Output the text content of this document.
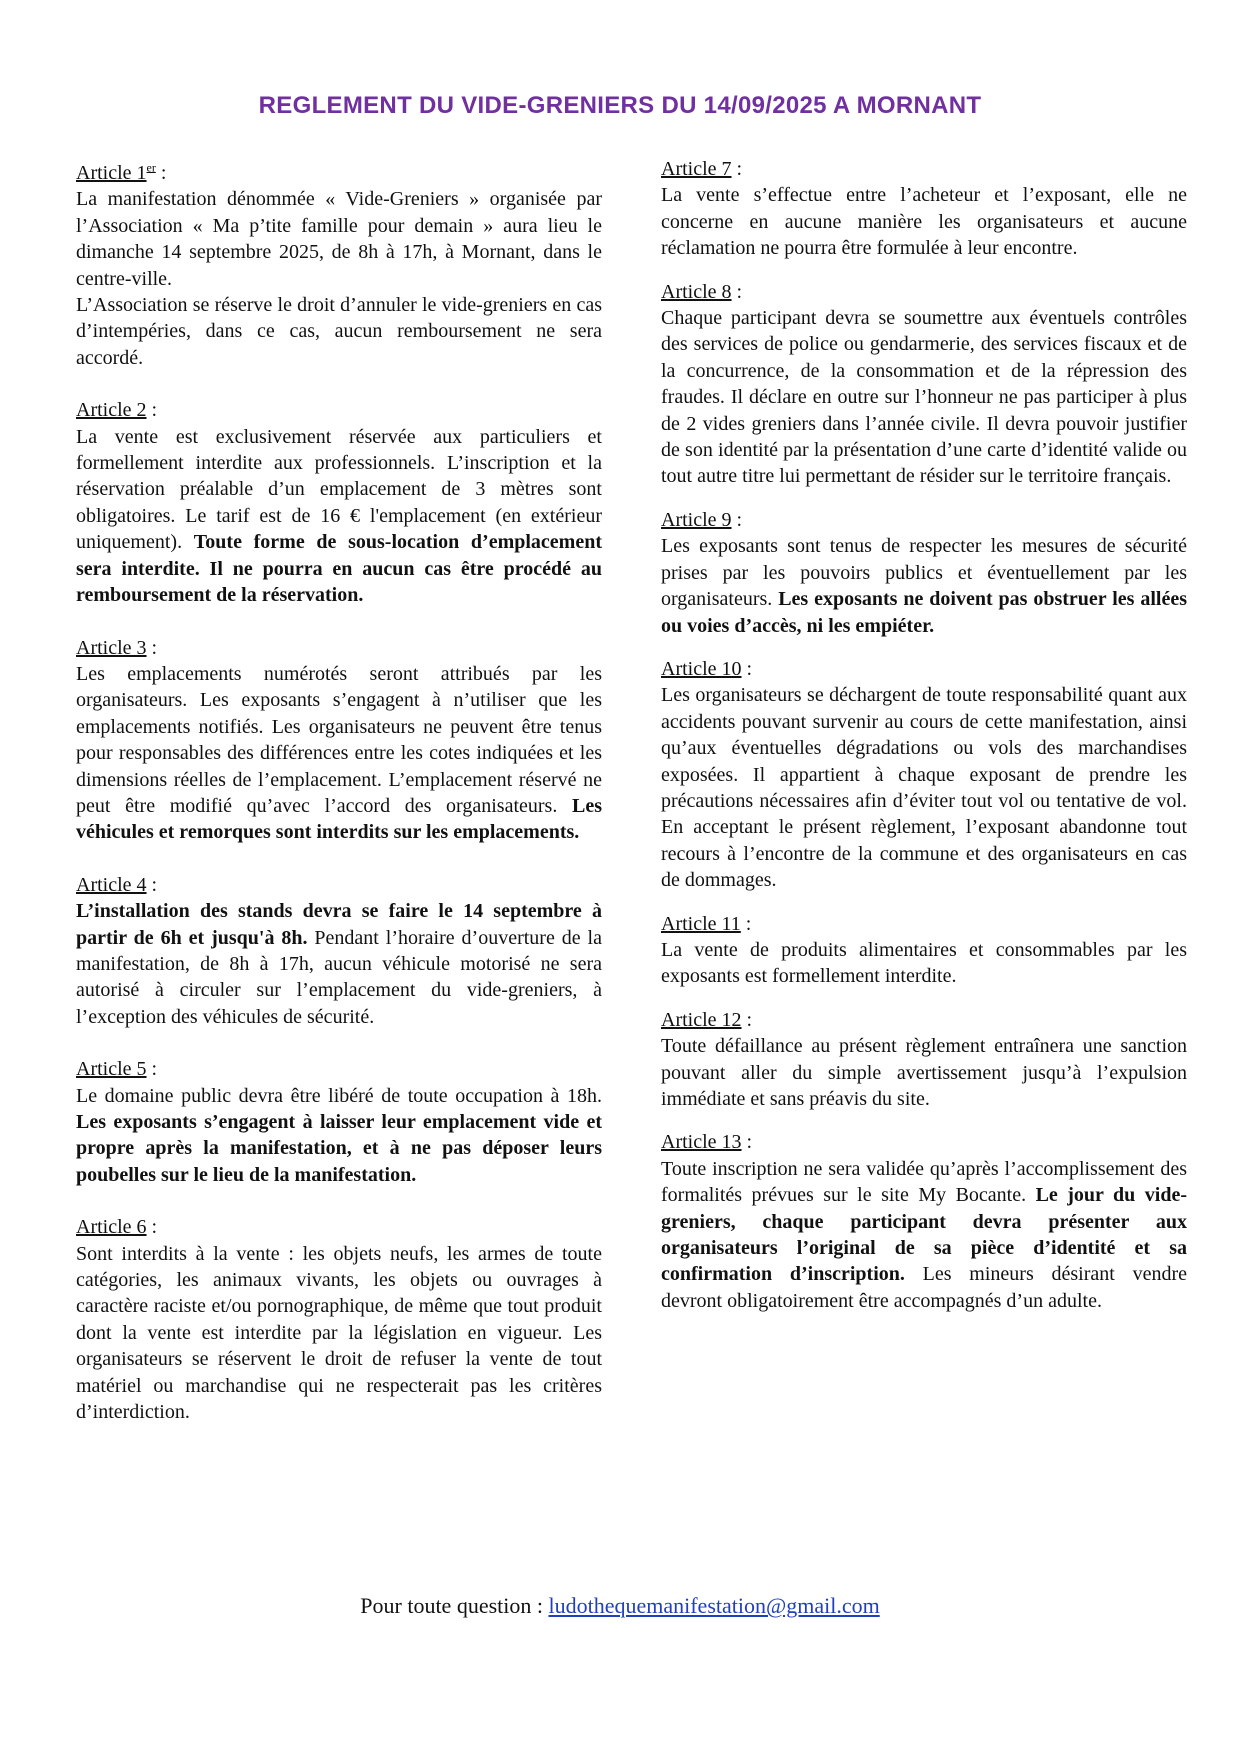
REGLEMENT DU VIDE-GRENIERS DU 14/09/2025 A MORNANT
Article 1er :

La manifestation dénommée « Vide-Greniers » organisée par l’Association « Ma p’tite famille pour demain » aura lieu le dimanche 14 septembre 2025, de 8h à 17h, à Mornant, dans le centre-ville.

L’Association se réserve le droit d’annuler le vide-greniers en cas d’intempéries, dans ce cas, aucun remboursement ne sera accordé.

Article 2 :

La vente est exclusivement réservée aux particuliers et formellement interdite aux professionnels. L’inscription et la réservation préalable d’un emplacement de 3 mètres sont obligatoires. Le tarif est de 16 € l'emplacement (en extérieur uniquement). Toute forme de sous-location d’emplacement sera interdite. Il ne pourra en aucun cas être procédé au remboursement de la réservation.

Article 3 :

Les emplacements numérotés seront attribués par les organisateurs. Les exposants s’engagent à n’utiliser que les emplacements notifiés. Les organisateurs ne peuvent être tenus pour responsables des différences entre les cotes indiquées et les dimensions réelles de l’emplacement. L’emplacement réservé ne peut être modifié qu’avec l’accord des organisateurs. Les véhicules et remorques sont interdits sur les emplacements.

Article 4 :

L’installation des stands devra se faire le 14 septembre à partir de 6h et jusqu'à 8h. Pendant l’horaire d’ouverture de la manifestation, de 8h à 17h, aucun véhicule motorisé ne sera autorisé à circuler sur l’emplacement du vide-greniers, à l’exception des véhicules de sécurité.

Article 5 :

Le domaine public devra être libéré de toute occupation à 18h. Les exposants s’engagent à laisser leur emplacement vide et propre après la manifestation, et à ne pas déposer leurs poubelles sur le lieu de la manifestation.

Article 6 :

Sont interdits à la vente : les objets neufs, les armes de toute catégories, les animaux vivants, les objets ou ouvrages à caractère raciste et/ou pornographique, de même que tout produit dont la vente est interdite par la législation en vigueur. Les organisateurs se réservent le droit de refuser la vente de tout matériel ou marchandise qui ne respecterait pas les critères d’interdiction.

Article 7 :

La vente s’effectue entre l’acheteur et l’exposant, elle ne concerne en aucune manière les organisateurs et aucune réclamation ne pourra être formulée à leur encontre.

Article 8 :

Chaque participant devra se soumettre aux éventuels contrôles des services de police ou gendarmerie, des services fiscaux et de la concurrence, de la consommation et de la répression des fraudes. Il déclare en outre sur l’honneur ne pas participer à plus de 2 vides greniers dans l’année civile. Il devra pouvoir justifier de son identité par la présentation d’une carte d’identité valide ou tout autre titre lui permettant de résider sur le territoire français.

Article 9 :

Les exposants sont tenus de respecter les mesures de sécurité prises par les pouvoirs publics et éventuellement par les organisateurs. Les exposants ne doivent pas obstruer les allées ou voies d’accès, ni les empiéter.

Article 10 :

Les organisateurs se déchargent de toute responsabilité quant aux accidents pouvant survenir au cours de cette manifestation, ainsi qu’aux éventuelles dégradations ou vols des marchandises exposées. Il appartient à chaque exposant de prendre les précautions nécessaires afin d’éviter tout vol ou tentative de vol. En acceptant le présent règlement, l’exposant abandonne tout recours à l’encontre de la commune et des organisateurs en cas de dommages.

Article 11 :

La vente de produits alimentaires et consommables par les exposants est formellement interdite.

Article 12 :

Toute défaillance au présent règlement entraînera une sanction pouvant aller du simple avertissement jusqu’à l’expulsion immédiate et sans préavis du site.

Article 13 :

Toute inscription ne sera validée qu’après l’accomplissement des formalités prévues sur le site My Bocante. Le jour du vide-greniers, chaque participant devra présenter aux organisateurs l’original de sa pièce d’identité et sa confirmation d’inscription. Les mineurs désirant vendre devront obligatoirement être accompagnés d’un adulte.

Pour toute question : ludothequemanifestation@gmail.com
